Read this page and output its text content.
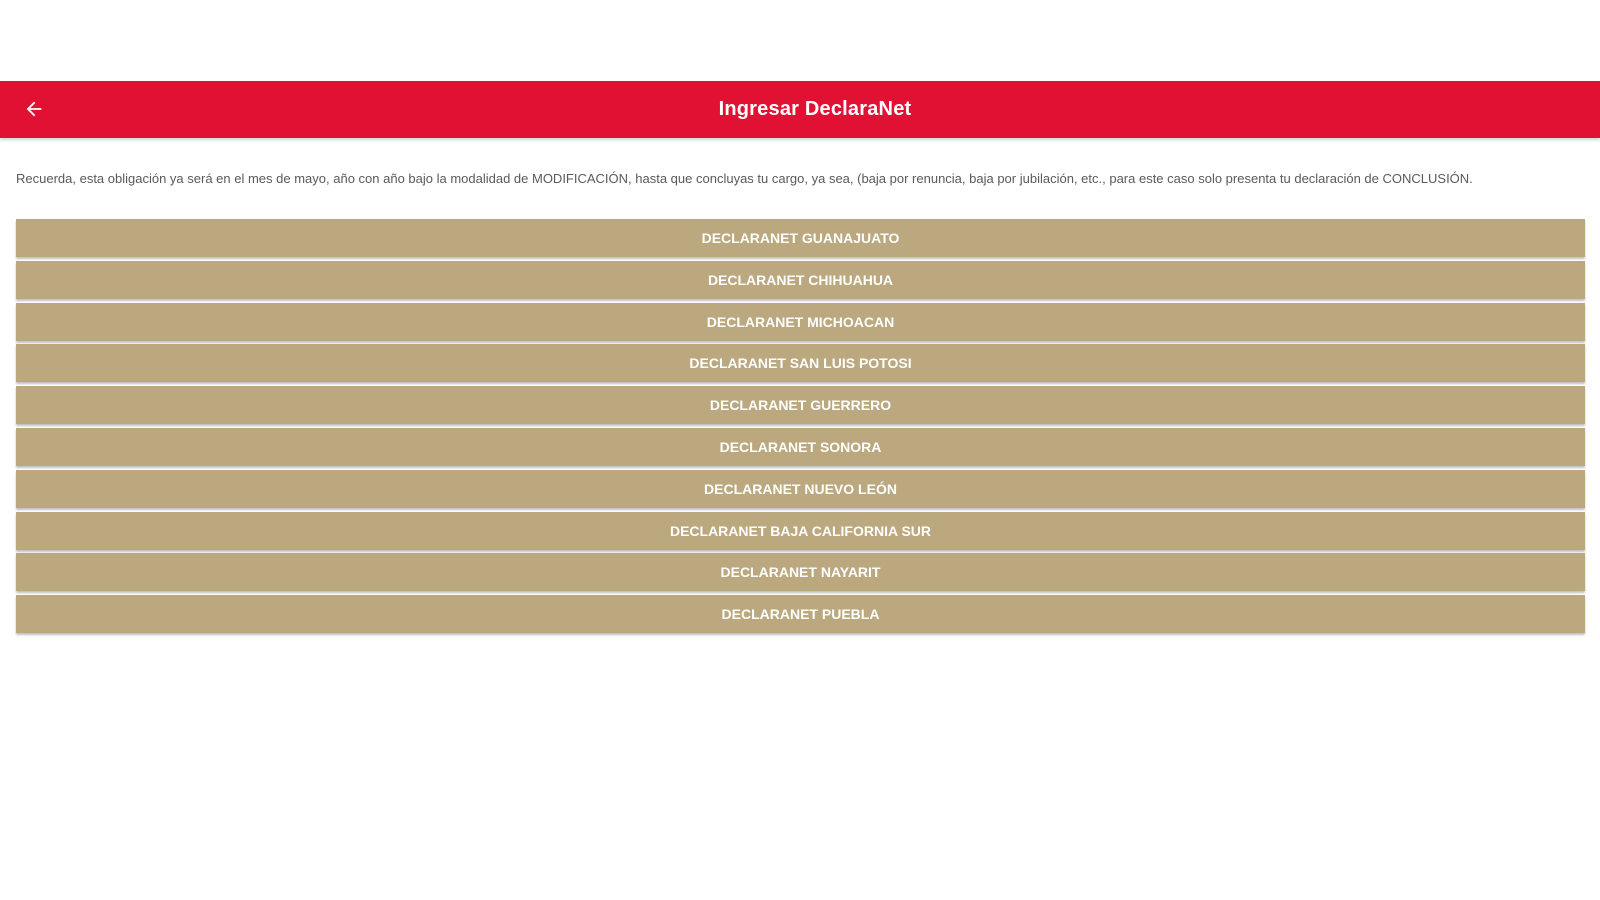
Ingresar DeclaraNet

Recuerda, esta obligación ya será en el mes de mayo, año con año bajo la modalidad de MODIFICACIÓN, hasta que concluyas tu cargo, ya sea, (baja por renuncia, baja por jubilación, etc., para este caso solo presenta tu declaración de CONCLUSIÓN.

DECLARANET GUANAJUATO
DECLARANET CHIHUAHUA
DECLARANET MICHOACAN
DECLARANET SAN LUIS POTOSI
DECLARANET GUERRERO
DECLARANET SONORA
DECLARANET NUEVO LEÓN
DECLARANET BAJA CALIFORNIA SUR
DECLARANET NAYARIT
DECLARANET PUEBLA
